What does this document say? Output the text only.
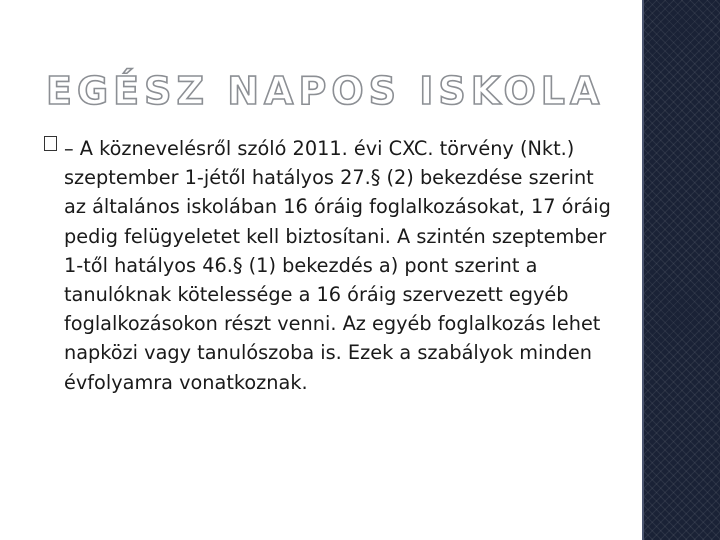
EGÉSZ NAPOS ISKOLA

– A köznevelésről szóló 2011. évi CXC. törvény (Nkt.) szeptember 1-jétől hatályos 27.§ (2) bekezdése szerint az általános iskolában 16 óráig foglalkozásokat, 17 óráig pedig felügyeletet kell biztosítani. A szintén szeptember 1-től hatályos 46.§ (1) bekezdés a) pont szerint a tanulóknak kötelessége a 16 óráig szervezett egyéb foglalkozásokon részt venni. Az egyéb foglalkozás lehet napközi vagy tanulószoba is. Ezek a szabályok minden évfolyamra vonatkoznak.
